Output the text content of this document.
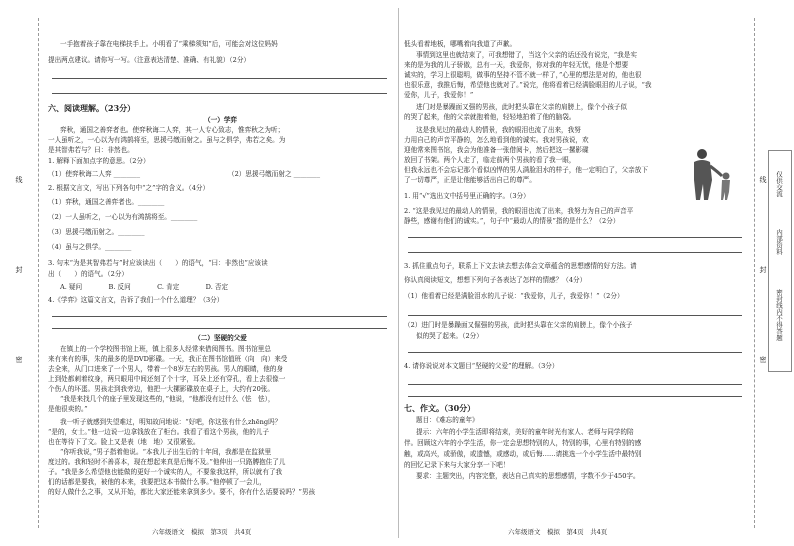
线
封
密
一手抱着孩子靠在电梯扶手上。小明看了“乘梯须知”后，可能会对这位妈妈
提出两点建议。请你写一写。（注意表达清楚、准确、有礼貌）（2分）
六、阅读理解。（23分）
（一）学弈
弈秋，通国之善弈者也。使弈秋诲二人弈，其一人专心致志，惟弈秋之为听；
一人虽听之，一心以为有鸿鹄将至，思援弓缴而射之。虽与之俱学，弗若之矣。为
是其智弗若与？曰：非然也。
1. 解释下面加点字的意思。（2分）
（1）使弈秋诲二人弈 ________	（2）思援弓缴而射之 ________
2. 根据文言文，写出下列各句中“之”字的含义。（4分）
（1）弈秋，通国之善弈者也。________
（2）一人虽听之，一心以为有鸿鹄将至。________
（3）思援弓缴而射之。________
（4）虽与之俱学。________
3. 句末“为是其智弗若与”时应该读出（　　）的语气，“曰：非然也”应该读
出（　　）的语气。（2分）
A. 疑问　　　　B. 反问　　　　C. 肯定　　　　D. 否定
4.《学弈》这篇文言文，告诉了我们一个什么道理？（3分）
（二）坚硬的父爱
在镇上的一个学校图书馆上班，镇上很多人经常来借阅图书。图书馆里总
来有来有的事，朱的最多的是DVD影碟。一天，我正在图书馆值班（向　向）来受
去全来，从门口进来了一个男人，带着一个8岁左右的男孩。男人的眼睛，他的身
上到处都刺着纹身，两只眼用中间还刻了个十字，耳朵上还有穿孔，看上去很像一
个伤人的坏蛋。男孩走到我旁边，他把一大摞影碟放在桌子上，大约有20张。
“我是来找几个的座子里发现这些的，”他说，“他都没有过什么（怯　怯），
是他很卖的。”
我一听子就感到失望难过，明知故问地说：“好吧，你这张有什么zhēng吗？
“是的，女士。”他一边说一边拿钱放在了柜台。我看了看这个男孩，他的儿子
也在等待下了文。脸上又是表（地　地）又很紧张。
“你听我说，”男子指着他说。“本我儿子出生后的十年间，我都是在监狱里
度过的。我和轻时不善喜本，现在想起来真是后悔不及。”他伸出一只路膊抱住了儿
子。“我是多么希望他也能做的更好一个诚实的人，不要象我这样，所以就有了我
们的话都是要我，被他的本来，我要把这本书做什么事。”他停顿了一会儿，
的好人做什么之事，又从开始，都比大家还能来拿到多少。要不，你有什么话要说吗？”男孩
六年级语文　模拟　第3页　共4页
低头看着地板，哪嘴着向我道了声歉。
事情到这里也就结束了，可我想错了，当这个父亲的话还没有说完，“我是实
来的是为我的儿子骄傲，总有一天，我爱你，你对我的年轻无忧，他是个想要
诚实的，学习上很聪明，做事的坚持不管不就一样了，”心里的想法是对的，他也很
也很乐意，我推后悔，希望他也就对了。”说完，他将看着已经满脸眼泪的儿子说，“我
爱你，儿子，我爱你！”
进门对是暴躁面又强的男孩，此时把头靠在父亲的肩膀上，像个小孩子似
的哭了起来，他的父亲就抱着他，轻轻地拍着了他的脑袋。
这是我见过的最动人的情景，我的眼泪也流了出来，我努
力用自己的声音平静的，怎么地看到他的诚实。我对男孩说，欢
迎他常来图书馆，我会为他准备一张借阅卡，然后把这一摞影碟
放回了书架。两个人走了，临走前两个男孩的看了我一眼，
但我永远也不会忘记那个看似凶悍的男人满脸泪水的样子，他一定明白了，父亲放下
了一切尊严，正是让他能够活出自己的尊严。
1. 用“√”选出文中括号里正确的字。（3分）
2. “这是我见过的最动人的情景，我的眼泪也流了出来，我努力为自己的声音平
静些，感谢有他们的诚实。”，句子中“最动人的情景”指的是什么？（2分）
3. 抓住重点句子，联系上下文去读去想去体会文章蕴含的思想感情的好方法。请
你认真阅读短文，想想下列句子各表达了怎样的情感？（4分）
（1）他看着已经是满脸泪水的儿子说：“我爱你，儿子，我爱你！”（2分）
（2）进门时是暴躁面又倔强的男孩，此时把头靠在父亲的肩膀上，像个小孩子
似的哭了起来。（2分）
4. 请你说说对本文题目“坚硬的父爱”的理解。（3分）
七、作文。（30分）
题目：《难忘的童年》
提示：六年的小学生活即将结束，美好的童年时光有家人、老师与同学的陪
伴。回顾这六年的小学生活，你一定会思想特别的人，特别的事，心里有特别的感
触，或高兴，或骄傲，或遗憾，或感动，或后悔……请挑选一个小学生活中最特别
的回忆记录下来与大家分享一下吧！
要求：主题突出，内容完整，表达自己真实的思想感情，字数不少于450字。
六年级语文　模拟　第4页　共4页
线
封
密
仅供交流
内部资料
密封线内不得答题
